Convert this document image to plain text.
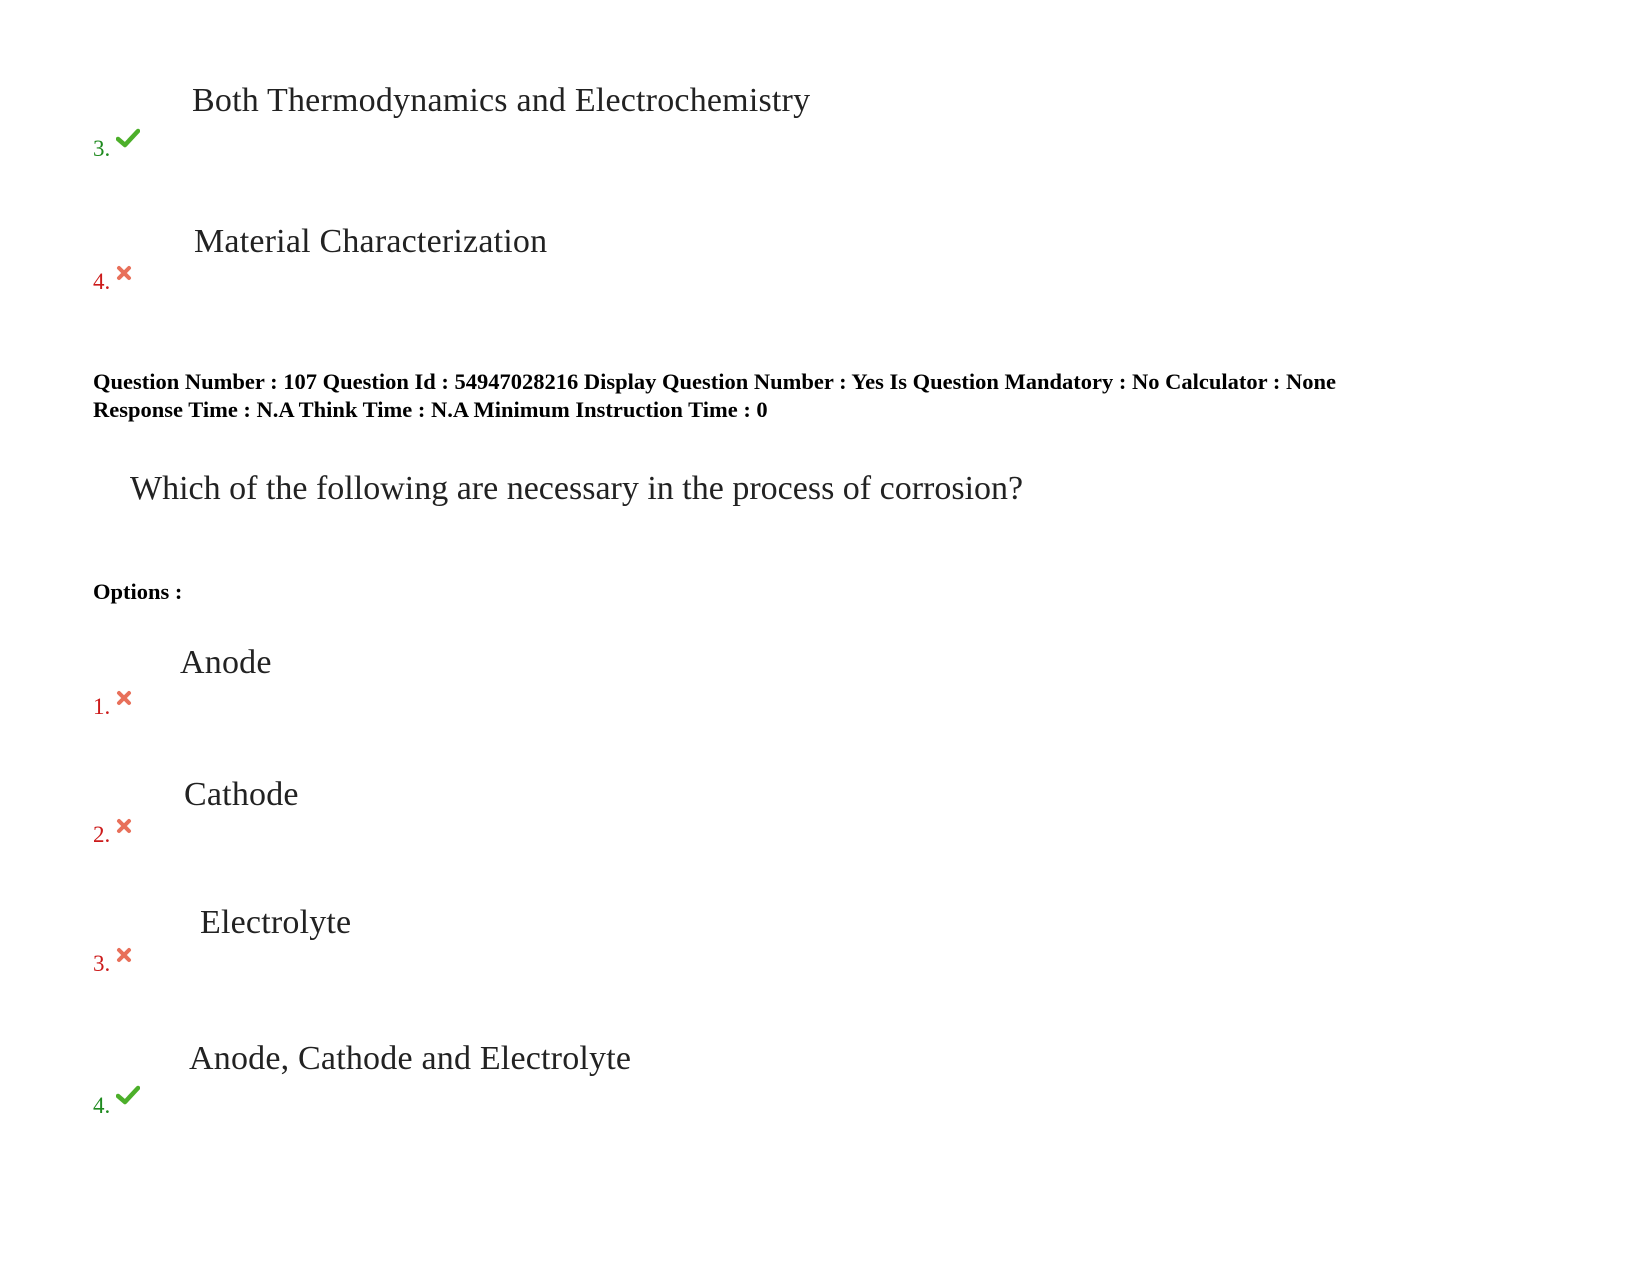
Both Thermodynamics and Electrochemistry
3.
Material Characterization
4.
Question Number : 107 Question Id : 54947028216 Display Question Number : Yes Is Question Mandatory : No Calculator : None
Response Time : N.A Think Time : N.A Minimum Instruction Time : 0
Which of the following are necessary in the process of corrosion?
Options :
Anode
1.
Cathode
2.
Electrolyte
3.
Anode, Cathode and Electrolyte
4.
